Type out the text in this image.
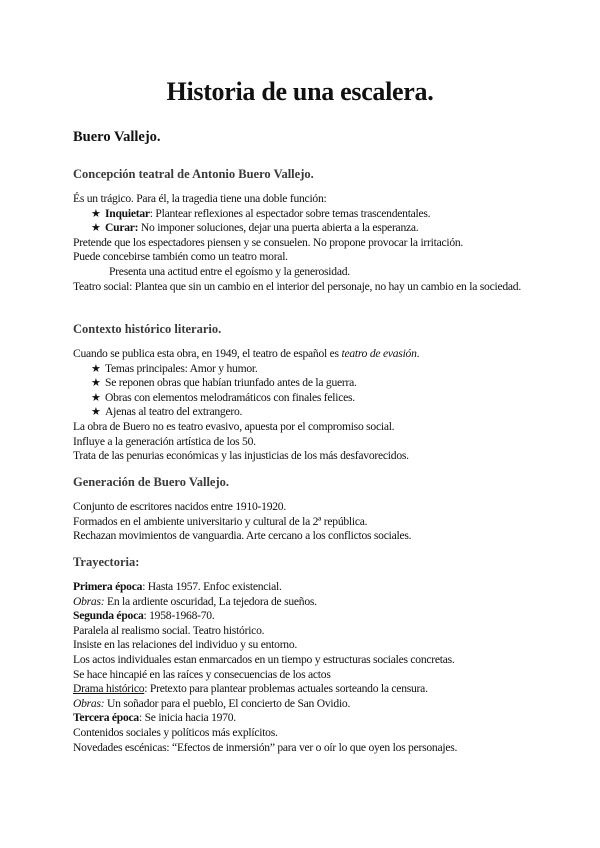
Historia de una escalera.
Buero Vallejo.
Concepción teatral de Antonio Buero Vallejo.

És un trágico. Para él, la tragedia tiene una doble función:

★ Inquietar: Plantear reflexiones al espectador sobre temas trascendentales.

★ Curar: No imponer soluciones, dejar una puerta abierta a la esperanza.

Pretende que los espectadores piensen y se consuelen. No propone provocar la irritación.

Puede concebirse también como un teatro moral.

Presenta una actitud entre el egoísmo y la generosidad.

Teatro social: Plantea que sin un cambio en el interior del personaje, no hay un cambio en la sociedad.

Contexto histórico literario.

Cuando se publica esta obra, en 1949, el teatro de español es teatro de evasión.

★ Temas principales: Amor y humor.

★ Se reponen obras que habían triunfado antes de la guerra.

★ Obras con elementos melodramáticos con finales felices.

★ Ajenas al teatro del extrangero.

La obra de Buero no es teatro evasivo, apuesta por el compromiso social.

Influye a la generación artística de los 50.

Trata de las penurias económicas y las injusticias de los más desfavorecidos.

Generación de Buero Vallejo.

Conjunto de escritores nacidos entre 1910-1920.

Formados en el ambiente universitario y cultural de la 2ª república.

Rechazan movimientos de vanguardia. Arte cercano a los conflictos sociales.

Trayectoria:

Primera época: Hasta 1957. Enfoc existencial.

Obras: En la ardiente oscuridad, La tejedora de sueños.

Segunda época: 1958-1968-70.

Paralela al realismo social. Teatro histórico.

Insiste en las relaciones del individuo y su entorno.

Los actos individuales estan enmarcados en un tiempo y estructuras sociales concretas.

Se hace hincapié en las raíces y consecuencias de los actos

Drama histórico: Pretexto para plantear problemas actuales sorteando la censura.

Obras: Un soñador para el pueblo, El concierto de San Ovidio.

Tercera época: Se inicia hacia 1970.

Contenidos sociales y políticos más explícitos.

Novedades escénicas: “Efectos de inmersión” para ver o oír lo que oyen los personajes.
